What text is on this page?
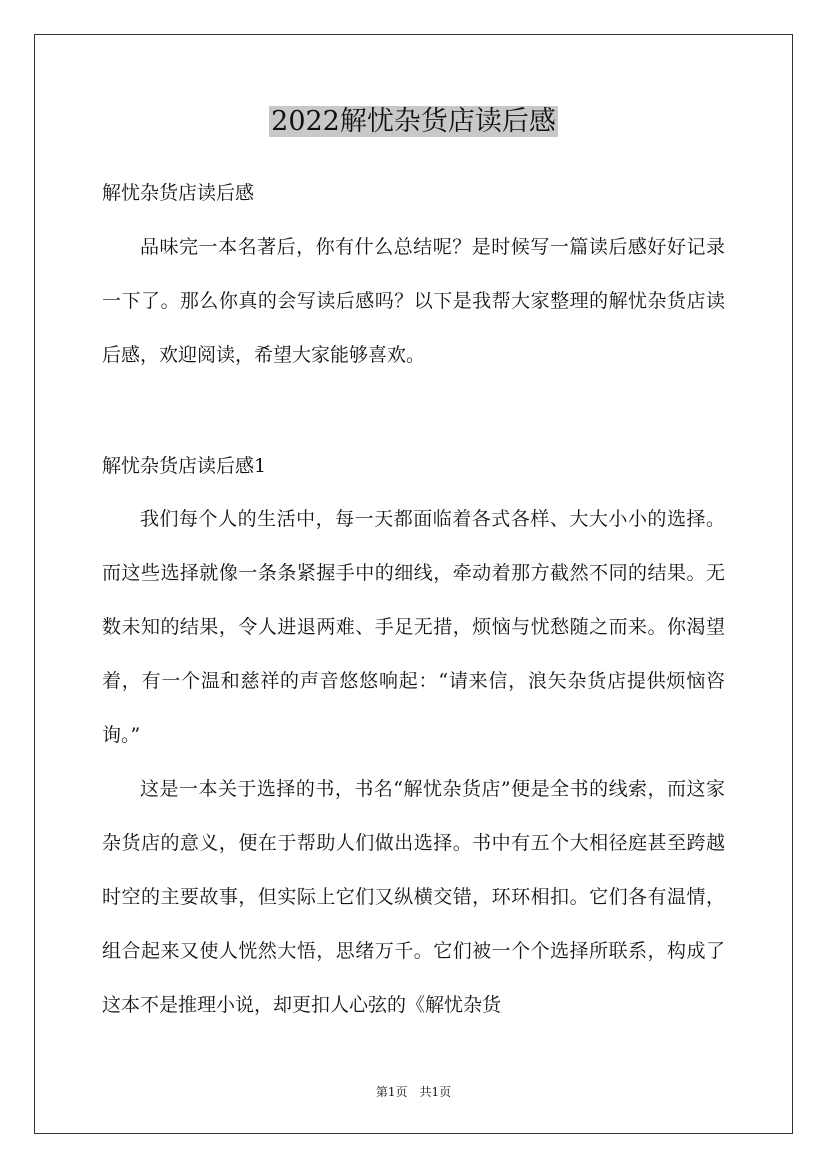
2022解忧杂货店读后感
解忧杂货店读后感

品味完一本名著后，你有什么总结呢？是时候写一篇读后感好好记录一下了。那么你真的会写读后感吗？以下是我帮大家整理的解忧杂货店读后感，欢迎阅读，希望大家能够喜欢。

解忧杂货店读后感1

我们每个人的生活中，每一天都面临着各式各样、大大小小的选择。而这些选择就像一条条紧握手中的细线，牵动着那方截然不同的结果。无数未知的结果，令人进退两难、手足无措，烦恼与忧愁随之而来。你渴望着，有一个温和慈祥的声音悠悠响起：“请来信，浪矢杂货店提供烦恼咨询。”

这是一本关于选择的书，书名“解忧杂货店”便是全书的线索，而这家杂货店的意义，便在于帮助人们做出选择。书中有五个大相径庭甚至跨越时空的主要故事，但实际上它们又纵横交错，环环相扣。它们各有温情，组合起来又使人恍然大悟，思绪万千。它们被一个个选择所联系，构成了这本不是推理小说，却更扣人心弦的《解忧杂货

第1页　共1页
